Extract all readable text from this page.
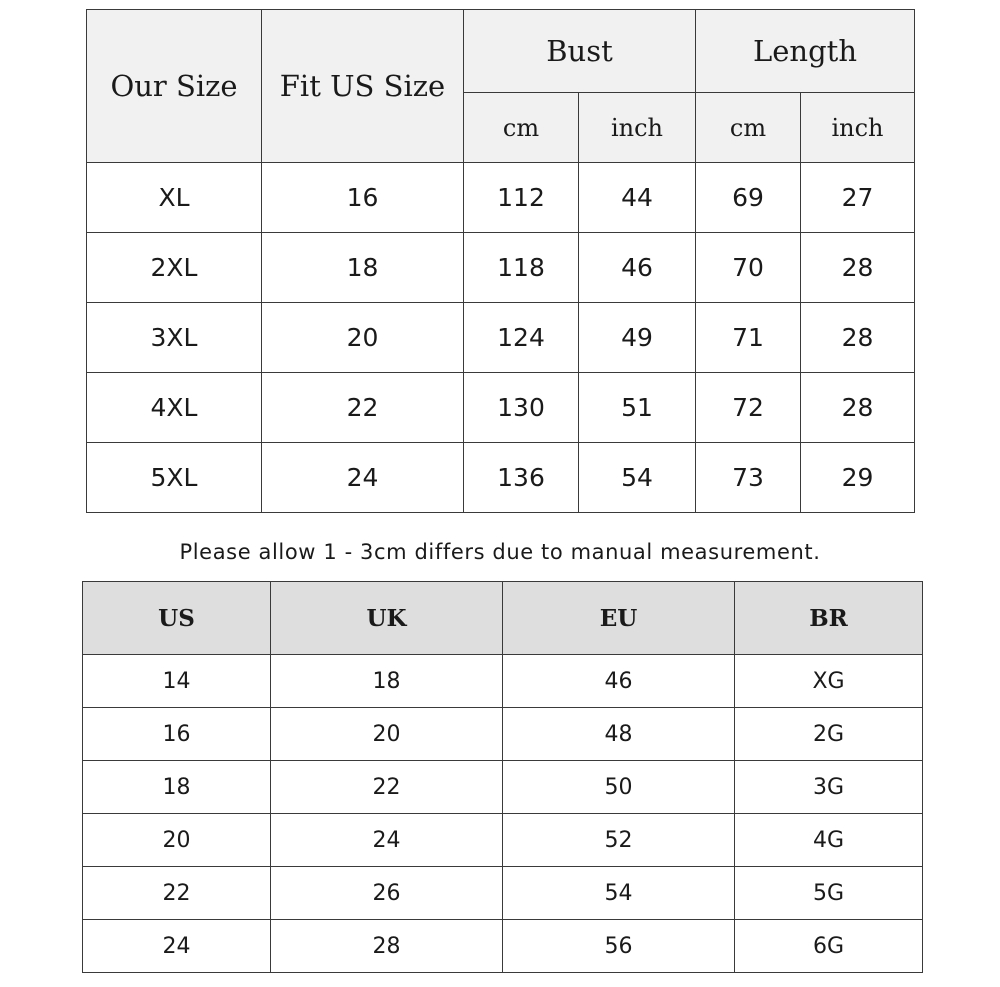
Our Size	Fit US Size	Bust		Length	
		cm	inch	cm	inch
XL	16	112	44	69	27
2XL	18	118	46	70	28
3XL	20	124	49	71	28
4XL	22	130	51	72	28
5XL	24	136	54	73	29
Please allow 1 - 3cm differs due to manual measurement.
US	UK	EU	BR
14	18	46	XG
16	20	48	2G
18	22	50	3G
20	24	52	4G
22	26	54	5G
24	28	56	6G
